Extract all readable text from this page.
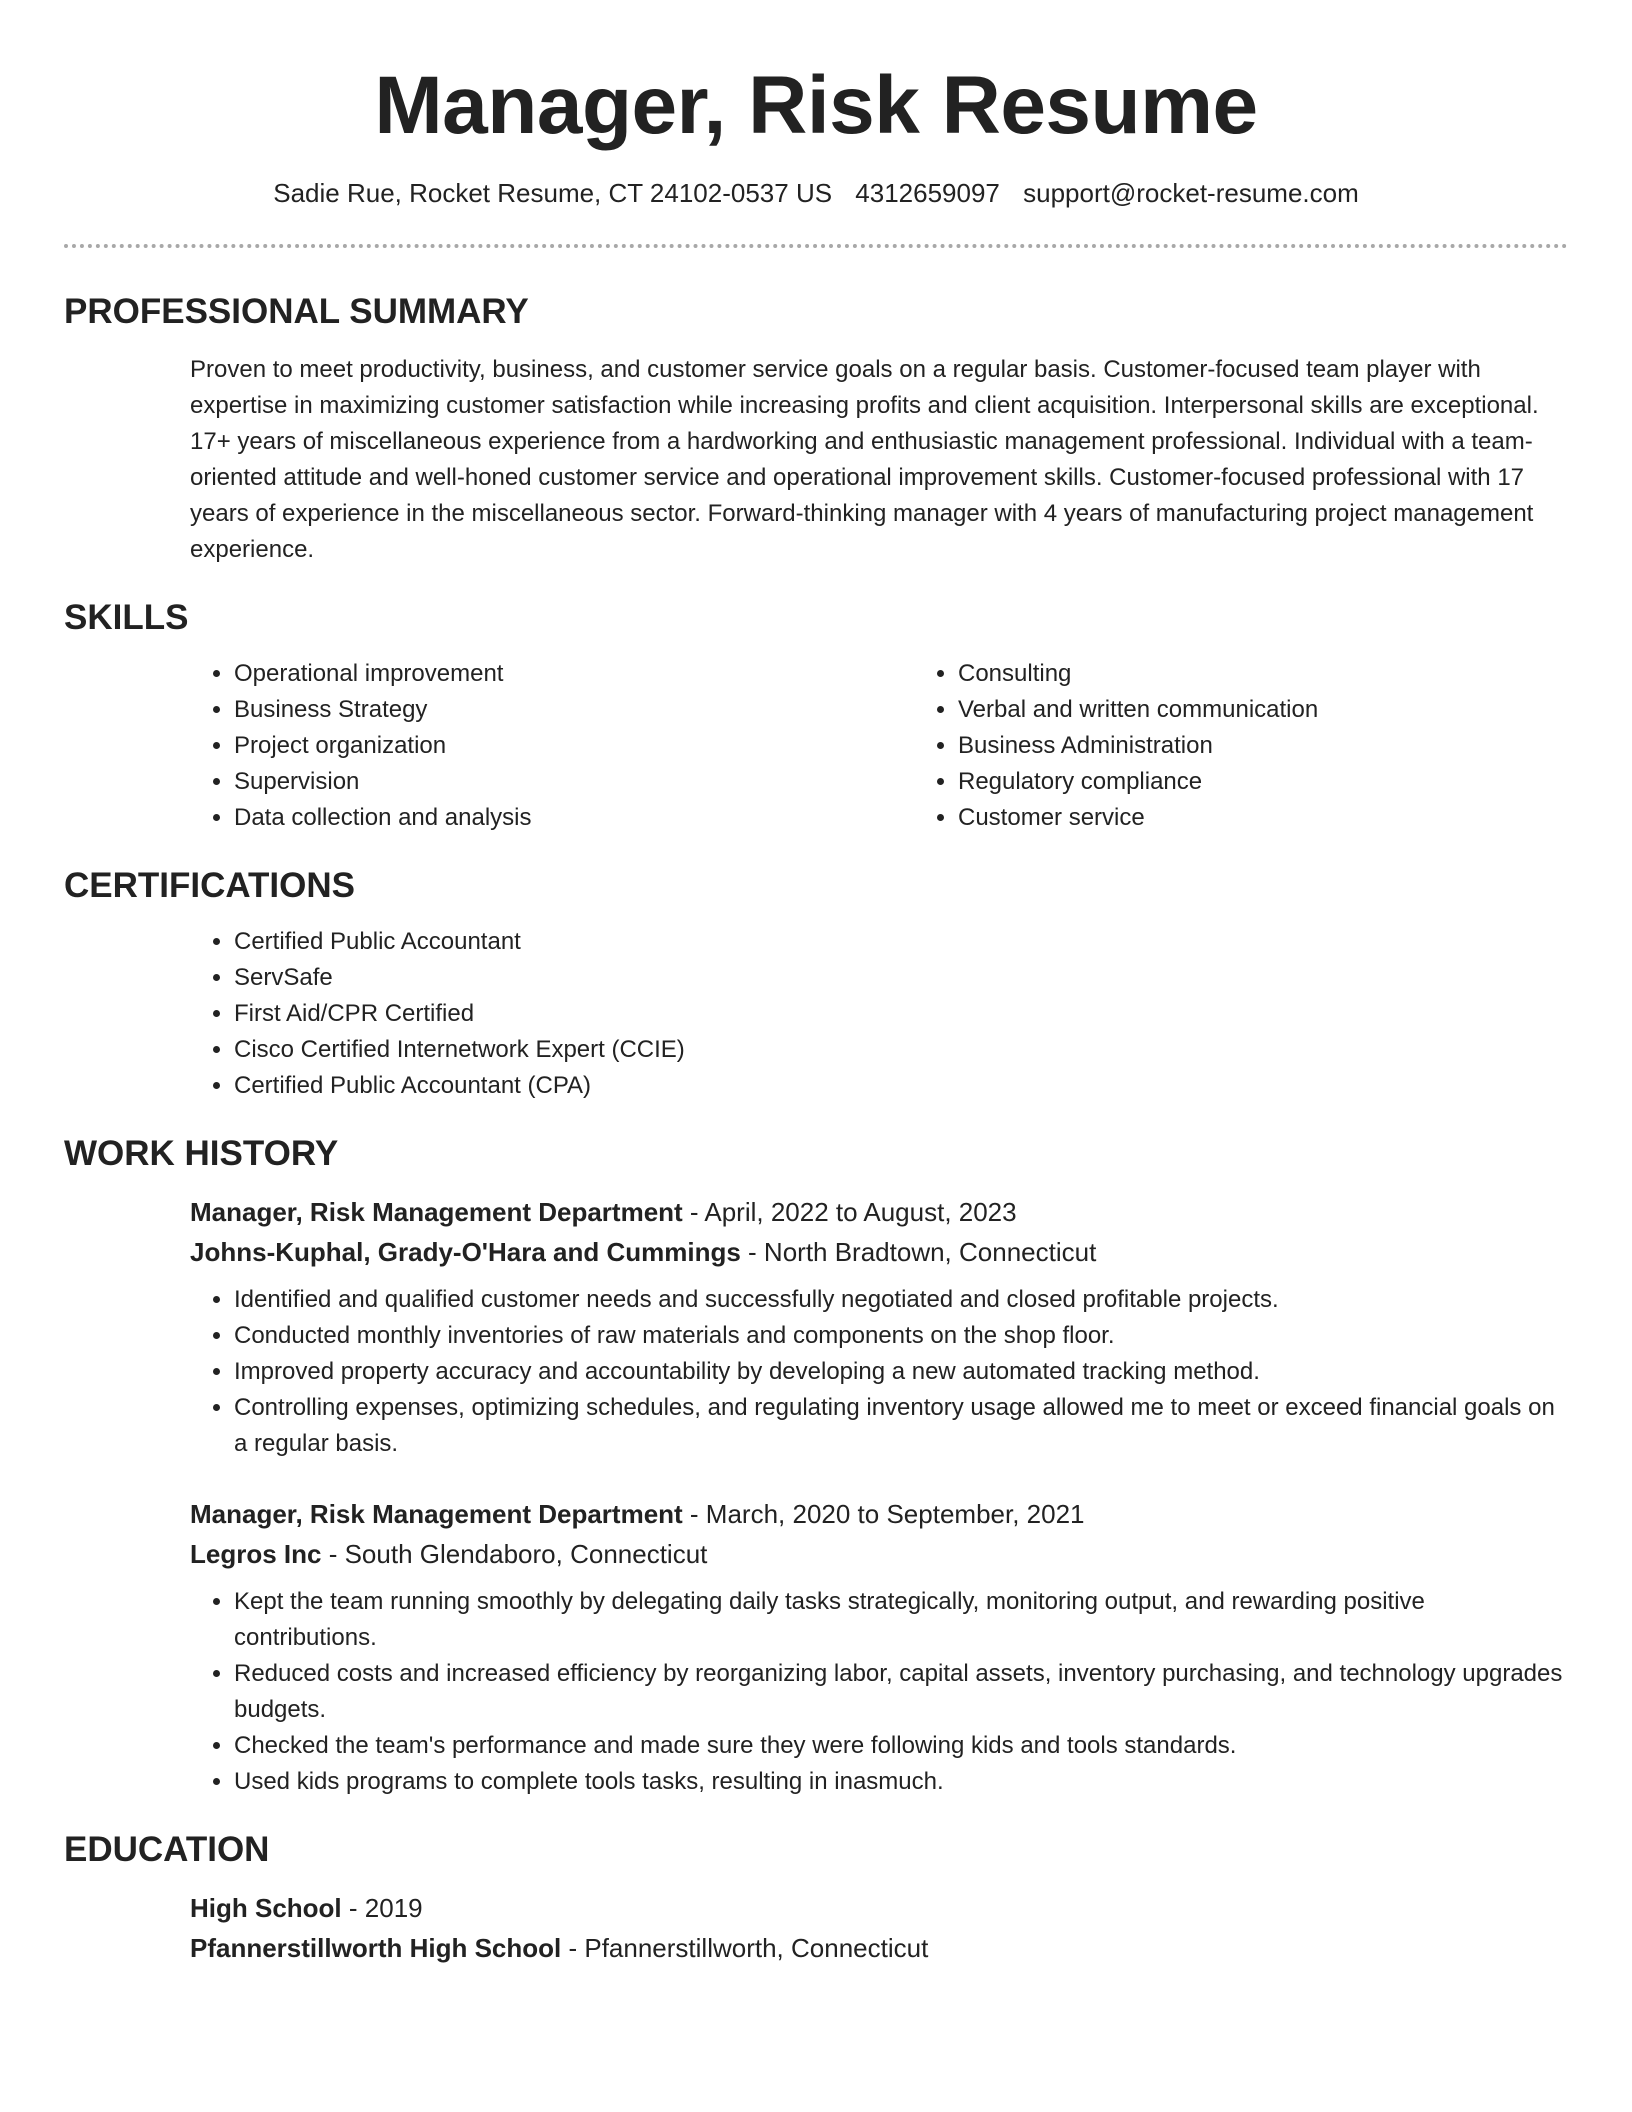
Manager, Risk Resume
Sadie Rue, Rocket Resume, CT 24102-0537 US 4312659097 support@rocket-resume.com
PROFESSIONAL SUMMARY
Proven to meet productivity, business, and customer service goals on a regular basis. Customer-focused team player with expertise in maximizing customer satisfaction while increasing profits and client acquisition. Interpersonal skills are exceptional. 17+ years of miscellaneous experience from a hardworking and enthusiastic management professional. Individual with a team-oriented attitude and well-honed customer service and operational improvement skills. Customer-focused professional with 17 years of experience in the miscellaneous sector. Forward-thinking manager with 4 years of manufacturing project management experience.
SKILLS
• Operational improvement
• Business Strategy
• Project organization
• Supervision
• Data collection and analysis
• Consulting
• Verbal and written communication
• Business Administration
• Regulatory compliance
• Customer service
CERTIFICATIONS
• Certified Public Accountant
• ServSafe
• First Aid/CPR Certified
• Cisco Certified Internetwork Expert (CCIE)
• Certified Public Accountant (CPA)
WORK HISTORY
Manager, Risk Management Department - April, 2022 to August, 2023
Johns-Kuphal, Grady-O'Hara and Cummings - North Bradtown, Connecticut
• Identified and qualified customer needs and successfully negotiated and closed profitable projects.
• Conducted monthly inventories of raw materials and components on the shop floor.
• Improved property accuracy and accountability by developing a new automated tracking method.
• Controlling expenses, optimizing schedules, and regulating inventory usage allowed me to meet or exceed financial goals on a regular basis.
Manager, Risk Management Department - March, 2020 to September, 2021
Legros Inc - South Glendaboro, Connecticut
• Kept the team running smoothly by delegating daily tasks strategically, monitoring output, and rewarding positive contributions.
• Reduced costs and increased efficiency by reorganizing labor, capital assets, inventory purchasing, and technology upgrades budgets.
• Checked the team's performance and made sure they were following kids and tools standards.
• Used kids programs to complete tools tasks, resulting in inasmuch.
EDUCATION
High School - 2019
Pfannerstillworth High School - Pfannerstillworth, Connecticut
